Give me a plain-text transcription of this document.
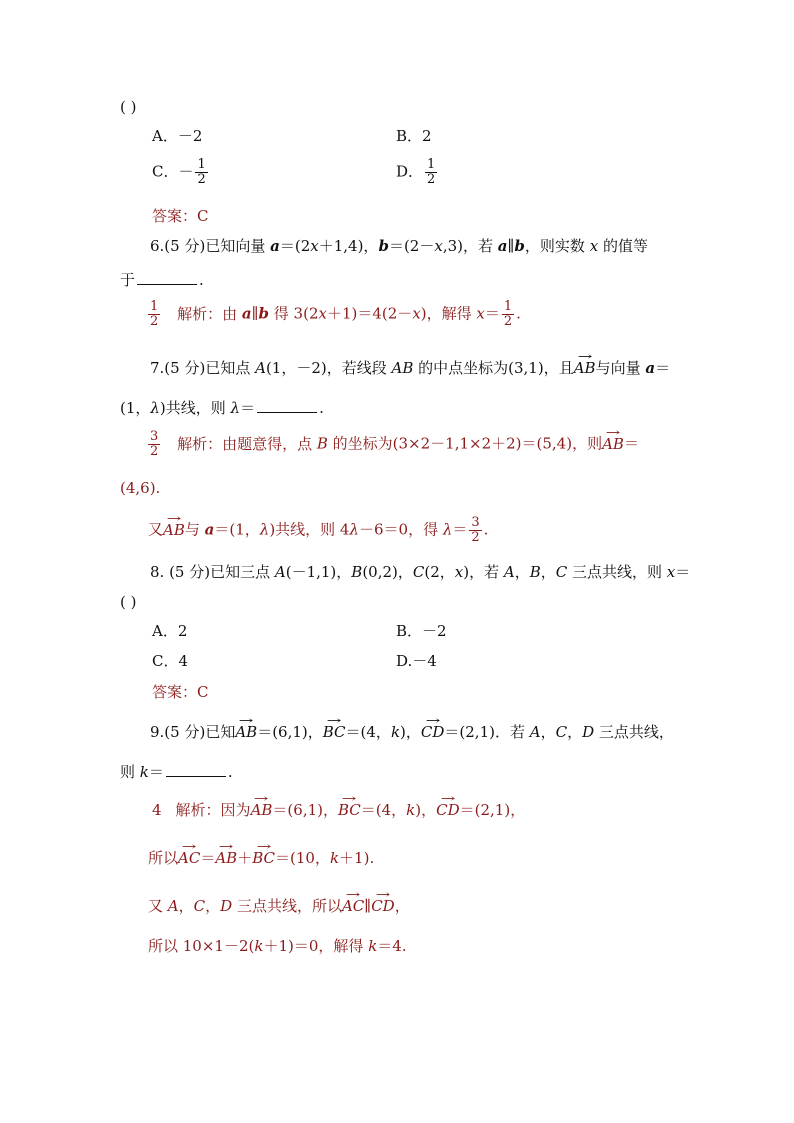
( )
A．－2	B．2
C．－ $\frac{1}{2}$	D． $\frac{1}{2}$
答案：C
6.(5 分)已知向量 a＝(2x＋1,4)，b＝(2－x,3)，若 a∥b，则实数 x 的值等
于	.
$\frac{1}{2}$ 解析：由 a∥b 得 3(2x＋1)＝4(2－x)，解得 $x= \frac{1}{2}$ .
7.(5 分)已知点 A(1，－2)，若线段 AB 的中点坐标为(3,1)，且→ AB与向量 a＝
(1，λ)共线，则 λ＝	.
$\frac{3}{2}$ 解析：由题意得，点 B 的坐标为(3×2－1,1×2＋2)＝(5,4)，则→ AB＝
(4,6).
又→ AB与 a＝(1，λ)共线，则 4λ－6＝0，得 $\lambda= \frac{3}{2}$ .
8. (5 分)已知三点 A(－1,1)，B(0,2)，C(2，x)，若 A，B，C 三点共线，则 x＝
( )
A．2	B．－2
C．4	D.－4
答案：C
9.(5 分)已知→ AB＝(6,1)，→ BC＝(4，k)，→ CD＝(2,1)．若 A，C，D 三点共线，
则 k＝	.
4 解析：因为→ AB＝(6,1)，→ BC＝(4，k)，→ CD＝(2,1)，
所以→ AC＝→ AB＋→ BC＝(10，k＋1).
又 A，C，D 三点共线，所以→ AC∥→ CD，
所以 10×1－2(k＋1)＝0，解得 k＝4.
